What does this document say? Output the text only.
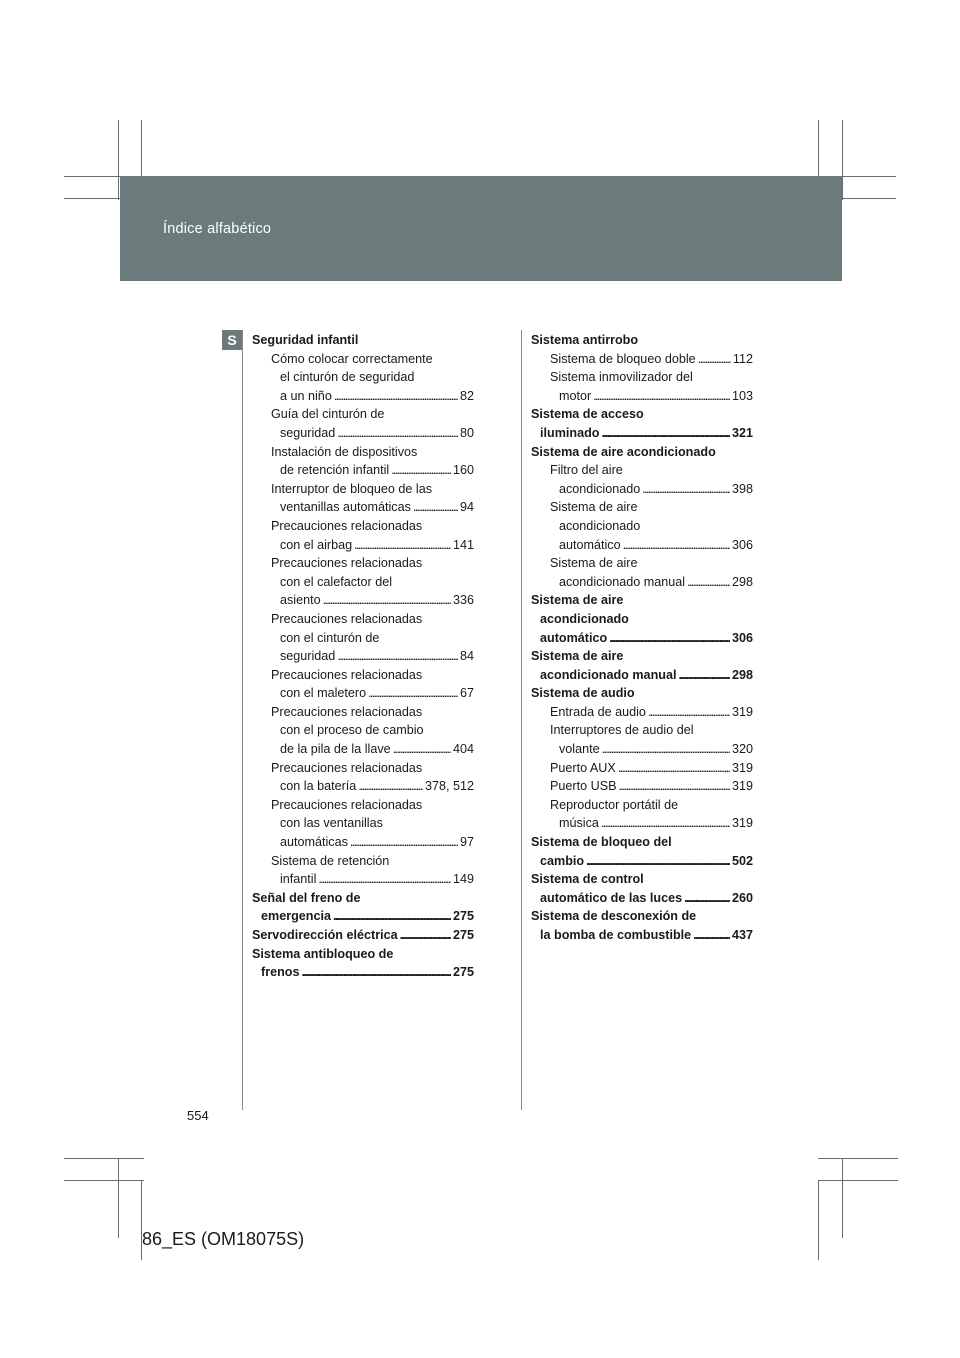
Índice alfabético
S	Seguridad infantil
Cómo colocar correctamente
el cinturón de seguridad
a un niño . . .	82
Guía del cinturón de
seguridad . . .	80
Instalación de dispositivos
de retención infantil . . .	160
Interruptor de bloqueo de las
ventanillas automáticas . . .	94
Precauciones relacionadas
con el airbag . . .	141
Precauciones relacionadas
con el calefactor del
asiento . . .	336
Precauciones relacionadas
con el cinturón de
seguridad . . .	84
Precauciones relacionadas
con el maletero . . .	67
Precauciones relacionadas
con el proceso de cambio
de la pila de la llave . . .	404
Precauciones relacionadas
con la batería . . .	378, 512
Precauciones relacionadas
con las ventanillas
automáticas . . .	97
Sistema de retención
infantil . . .	149
Señal del freno de
emergencia . . .	275
Servodirección eléctrica . . .	275
Sistema antibloqueo de
frenos . . .	275
Sistema antirrobo
Sistema de bloqueo doble . . .	112
Sistema inmovilizador del
motor . . .	103
Sistema de acceso
iluminado . . .	321
Sistema de aire acondicionado
Filtro del aire
acondicionado . . .	398
Sistema de aire
acondicionado
automático . . .	306
Sistema de aire
acondicionado manual . . .	298
Sistema de aire
acondicionado
automático . . .	306
Sistema de aire
acondicionado manual . . .	298
Sistema de audio
Entrada de audio . . .	319
Interruptores de audio del
volante . . .	320
Puerto AUX . . .	319
Puerto USB . . .	319
Reproductor portátil de
música . . .	319
Sistema de bloqueo del
cambio . . .	502
Sistema de control
automático de las luces . . .	260
Sistema de desconexión de
la bomba de combustible . . .	437
554
86_ES (OM18075S)
